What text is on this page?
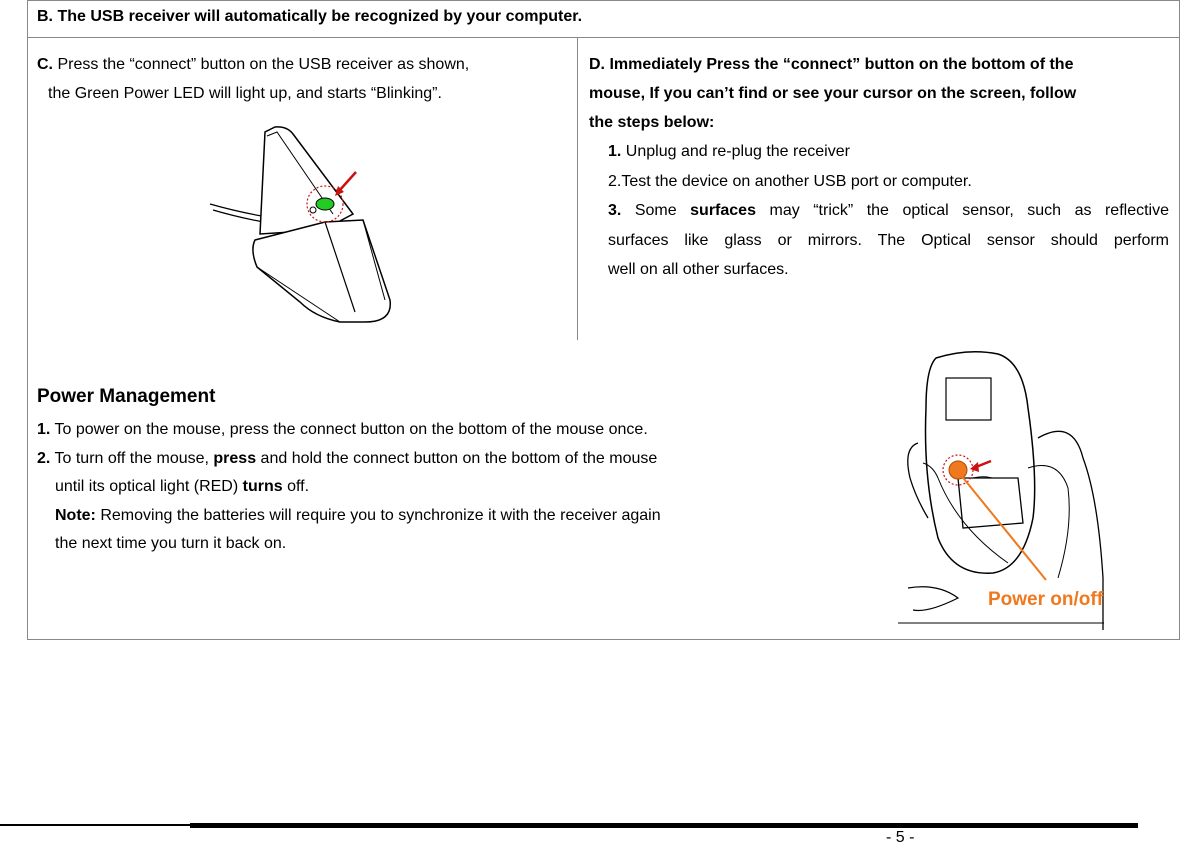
B. The USB receiver will automatically be recognized by your computer.
C. Press the “connect” button on the USB receiver as shown,
the Green Power LED will light up, and starts “Blinking”.
D. Immediately Press the “connect” button on the bottom of the
mouse, If you can’t find or see your cursor on the screen, follow
the steps below:
1. Unplug and re-plug the receiver
2.Test the device on another USB port or computer.
3. Some surfaces may “trick” the optical sensor, such as reflective
surfaces like glass or mirrors. The Optical sensor should perform
well on all other surfaces.
Power Management
1. To power on the mouse, press the connect button on the bottom of the mouse once.
2. To turn off the mouse, press and hold the connect button on the bottom of the mouse
until its optical light (RED) turns off.
Note: Removing the batteries will require you to synchronize it with the receiver again
the next time you turn it back on.
Power on/off
- 5 -
